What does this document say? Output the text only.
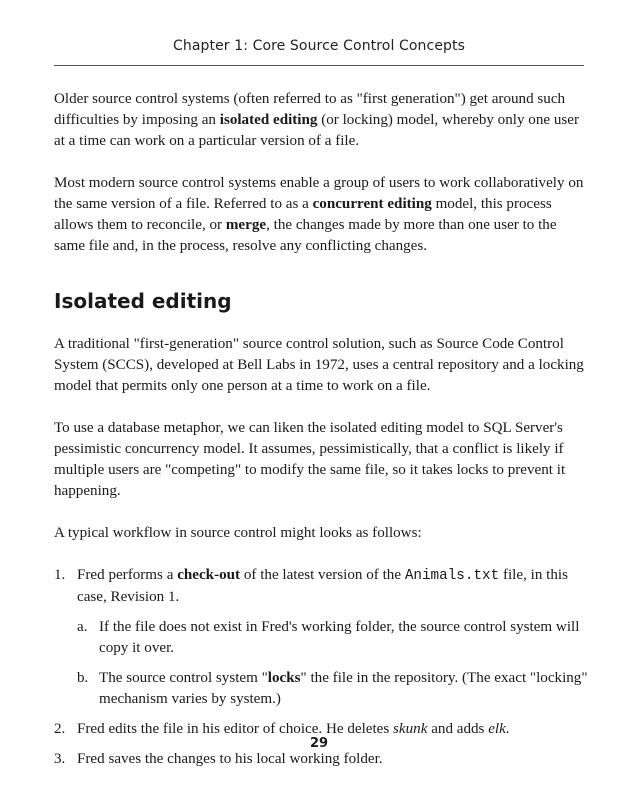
Chapter 1: Core Source Control Concepts

Older source control systems (often referred to as "first generation") get around such difficulties by imposing an isolated editing (or locking) model, whereby only one user at a time can work on a particular version of a file.

Most modern source control systems enable a group of users to work collaboratively on the same version of a file. Referred to as a concurrent editing model, this process allows them to reconcile, or merge, the changes made by more than one user to the same file and, in the process, resolve any conflicting changes.

Isolated editing

A traditional "first-generation" source control solution, such as Source Code Control System (SCCS), developed at Bell Labs in 1972, uses a central repository and a locking model that permits only one person at a time to work on a file.

To use a database metaphor, we can liken the isolated editing model to SQL Server's pessimistic concurrency model. It assumes, pessimistically, that a conflict is likely if multiple users are "competing" to modify the same file, so it takes locks to prevent it happening.

A typical workflow in source control might looks as follows:

1. Fred performs a check-out of the latest version of the Animals.txt file, in this case, Revision 1.
a. If the file does not exist in Fred's working folder, the source control system will copy it over.
b. The source control system "locks" the file in the repository. (The exact "locking" mechanism varies by system.)
2. Fred edits the file in his editor of choice. He deletes skunk and adds elk.
3. Fred saves the changes to his local working folder.
29
